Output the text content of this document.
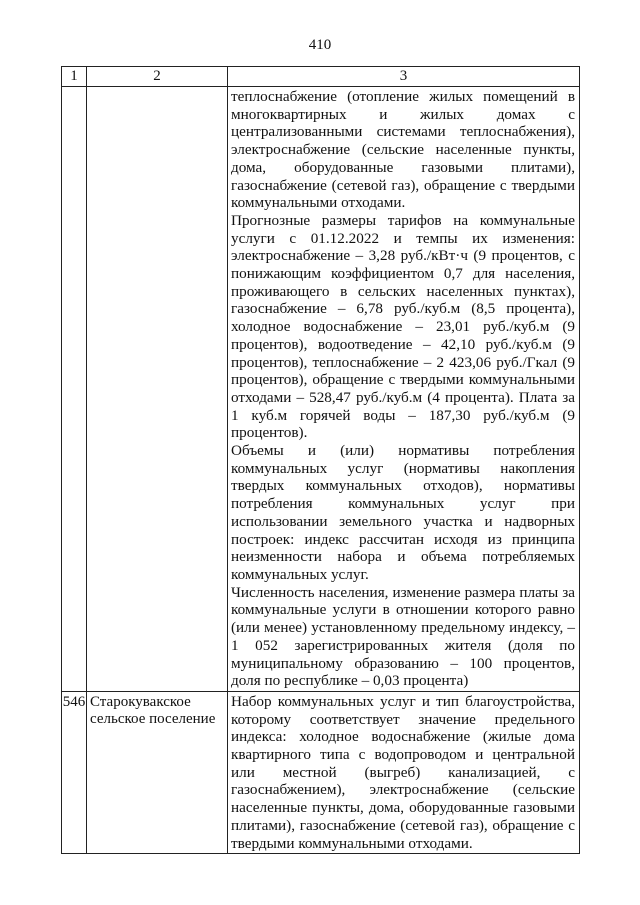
410
1	2	3

		теплоснабжение (отопление жилых помещений в многоквартирных и жилых домах с централизованными системами теплоснабжения), электроснабжение (сельские населенные пункты, дома, оборудованные газовыми плитами), газоснабжение (сетевой газ), обращение с твердыми коммунальными отходами.
Прогнозные размеры тарифов на коммунальные услуги с 01.12.2022 и темпы их изменения: электроснабжение – 3,28 руб./кВт·ч (9 процентов, с понижающим коэффициентом 0,7 для населения, проживающего в сельских населенных пунктах), газоснабжение – 6,78 руб./куб.м (8,5 процента), холодное водоснабжение – 23,01 руб./куб.м (9 процентов), водоотведение – 42,10 руб./куб.м (9 процентов), теплоснабжение – 2 423,06 руб./Гкал (9 процентов), обращение с твердыми коммунальными отходами – 528,47 руб./куб.м (4 процента). Плата за 1 куб.м горячей воды – 187,30 руб./куб.м (9 процентов).
Объемы и (или) нормативы потребления коммунальных услуг (нормативы накопления твердых коммунальных отходов), нормативы потребления коммунальных услуг при использовании земельного участка и надворных построек: индекс рассчитан исходя из принципа неизменности набора и объема потребляемых коммунальных услуг.
Численность населения, изменение размера платы за коммунальные услуги в отношении которого равно (или менее) установленному предельному индексу, – 1 052 зарегистрированных жителя (доля по муниципальному образованию – 100 процентов, доля по республике – 0,03 процента)

546	Старокувакское сельское поселение	Набор коммунальных услуг и тип благоустройства, которому соответствует значение предельного индекса: холодное водоснабжение (жилые дома квартирного типа с водопроводом и центральной или местной (выгреб) канализацией, с газоснабжением), электроснабжение (сельские населенные пункты, дома, оборудованные газовыми плитами), газоснабжение (сетевой газ), обращение с твердыми коммунальными отходами.
